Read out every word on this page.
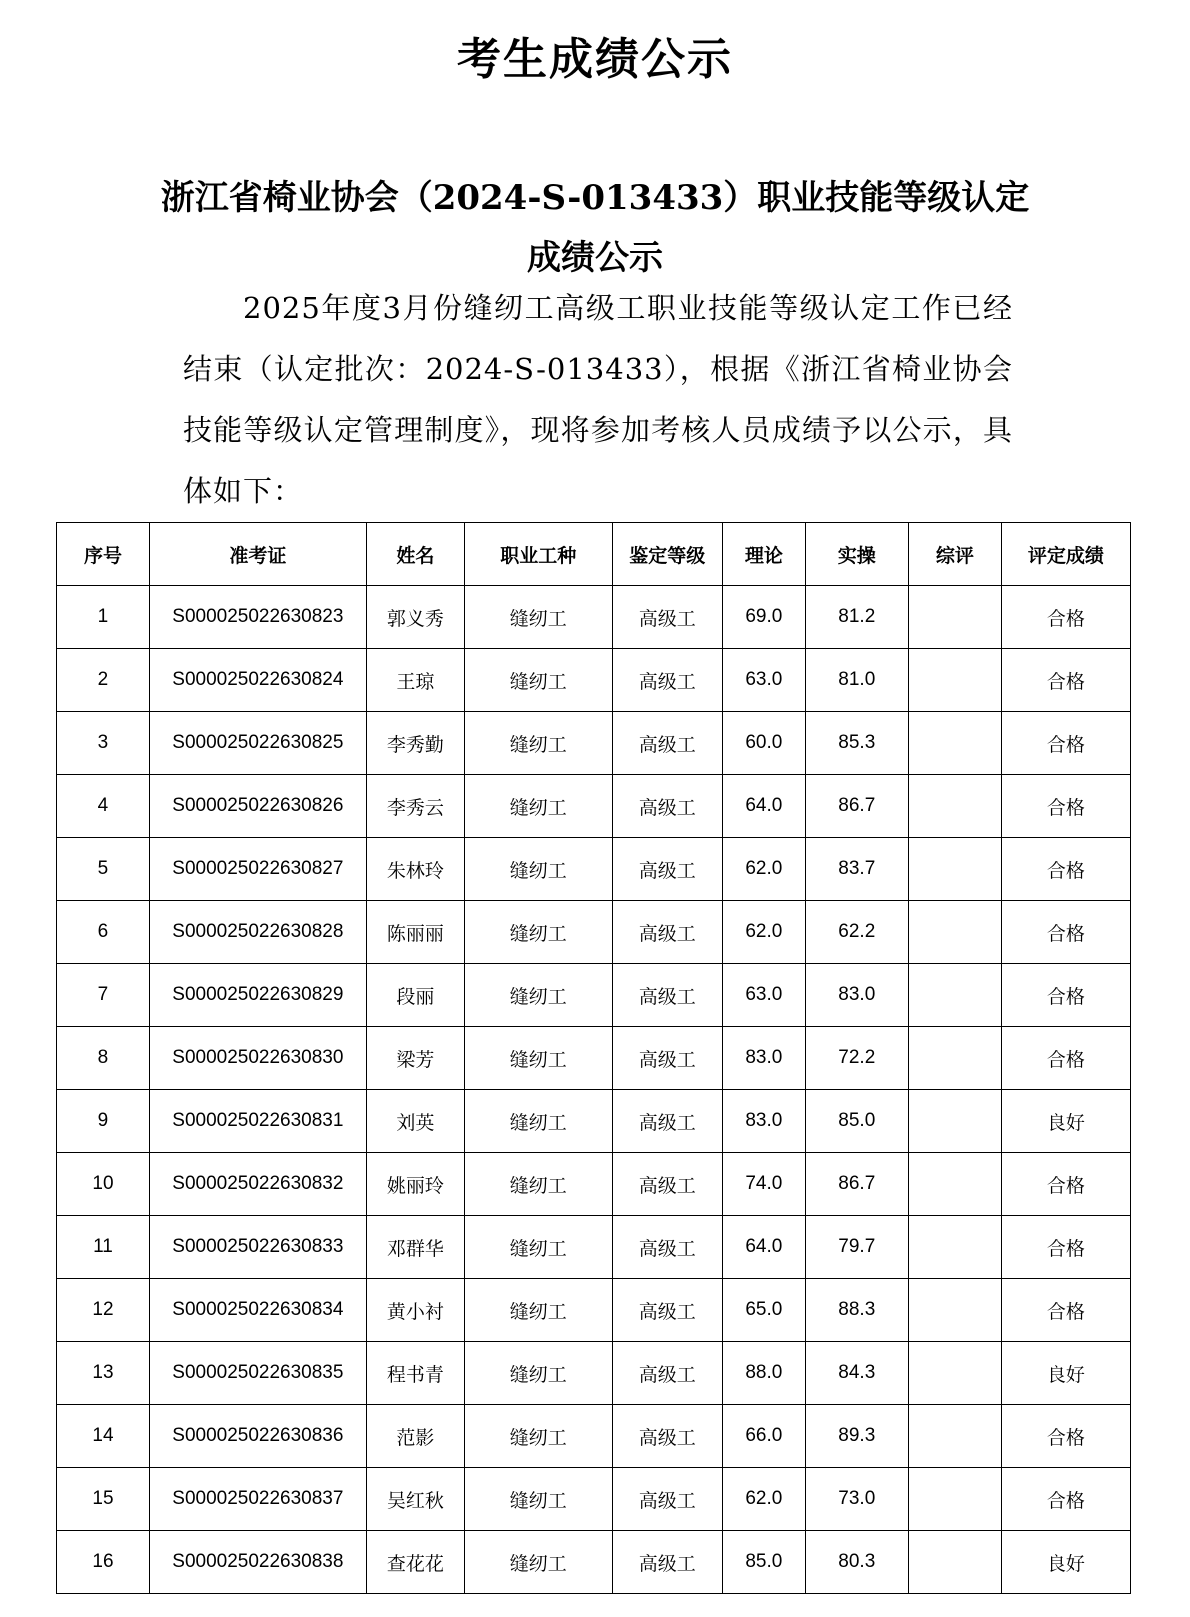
考生成绩公示
浙江省椅业协会（2024-S-013433）职业技能等级认定成绩公示
2025年度3月份缝纫工高级工职业技能等级认定工作已经结束（认定批次：2024-S-013433），根据《浙江省椅业协会技能等级认定管理制度》，现将参加考核人员成绩予以公示，具体如下：
序号	准考证	姓名	职业工种	鉴定等级	理论	实操	综评	评定成绩
1	S000025022630823	郭义秀	缝纫工	高级工	69.0	81.2		合格
2	S000025022630824	王琼	缝纫工	高级工	63.0	81.0		合格
3	S000025022630825	李秀勤	缝纫工	高级工	60.0	85.3		合格
4	S000025022630826	李秀云	缝纫工	高级工	64.0	86.7		合格
5	S000025022630827	朱林玲	缝纫工	高级工	62.0	83.7		合格
6	S000025022630828	陈丽丽	缝纫工	高级工	62.0	62.2		合格
7	S000025022630829	段丽	缝纫工	高级工	63.0	83.0		合格
8	S000025022630830	梁芳	缝纫工	高级工	83.0	72.2		合格
9	S000025022630831	刘英	缝纫工	高级工	83.0	85.0		良好
10	S000025022630832	姚丽玲	缝纫工	高级工	74.0	86.7		合格
11	S000025022630833	邓群华	缝纫工	高级工	64.0	79.7		合格
12	S000025022630834	黄小衬	缝纫工	高级工	65.0	88.3		合格
13	S000025022630835	程书青	缝纫工	高级工	88.0	84.3		良好
14	S000025022630836	范影	缝纫工	高级工	66.0	89.3		合格
15	S000025022630837	吴红秋	缝纫工	高级工	62.0	73.0		合格
16	S000025022630838	查花花	缝纫工	高级工	85.0	80.3		良好
